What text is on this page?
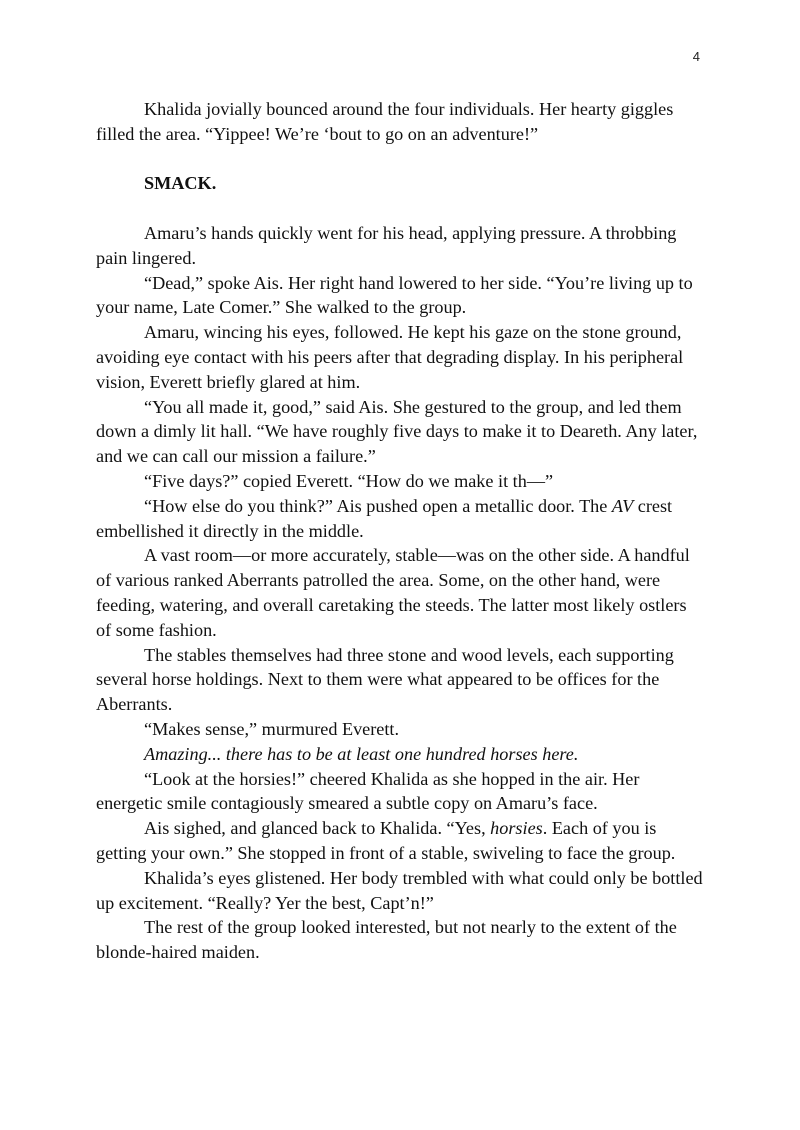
4

Khalida jovially bounced around the four individuals. Her hearty giggles filled the area. “Yippee! We’re ‘bout to go on an adventure!”

SMACK.

Amaru’s hands quickly went for his head, applying pressure. A throbbing pain lingered.

“Dead,” spoke Ais. Her right hand lowered to her side. “You’re living up to your name, Late Comer.” She walked to the group.

Amaru, wincing his eyes, followed. He kept his gaze on the stone ground, avoiding eye contact with his peers after that degrading display. In his peripheral vision, Everett briefly glared at him.

“You all made it, good,” said Ais. She gestured to the group, and led them down a dimly lit hall. “We have roughly five days to make it to Deareth. Any later, and we can call our mission a failure.”

“Five days?” copied Everett. “How do we make it th—”

“How else do you think?” Ais pushed open a metallic door. The AV crest embellished it directly in the middle.

A vast room—or more accurately, stable—was on the other side. A handful of various ranked Aberrants patrolled the area. Some, on the other hand, were feeding, watering, and overall caretaking the steeds. The latter most likely ostlers of some fashion.

The stables themselves had three stone and wood levels, each supporting several horse holdings. Next to them were what appeared to be offices for the Aberrants.

“Makes sense,” murmured Everett.

Amazing... there has to be at least one hundred horses here.

“Look at the horsies!” cheered Khalida as she hopped in the air. Her energetic smile contagiously smeared a subtle copy on Amaru’s face.

Ais sighed, and glanced back to Khalida. “Yes, horsies. Each of you is getting your own.” She stopped in front of a stable, swiveling to face the group.

Khalida’s eyes glistened. Her body trembled with what could only be bottled up excitement. “Really? Yer the best, Capt’n!”

The rest of the group looked interested, but not nearly to the extent of the blonde-haired maiden.
